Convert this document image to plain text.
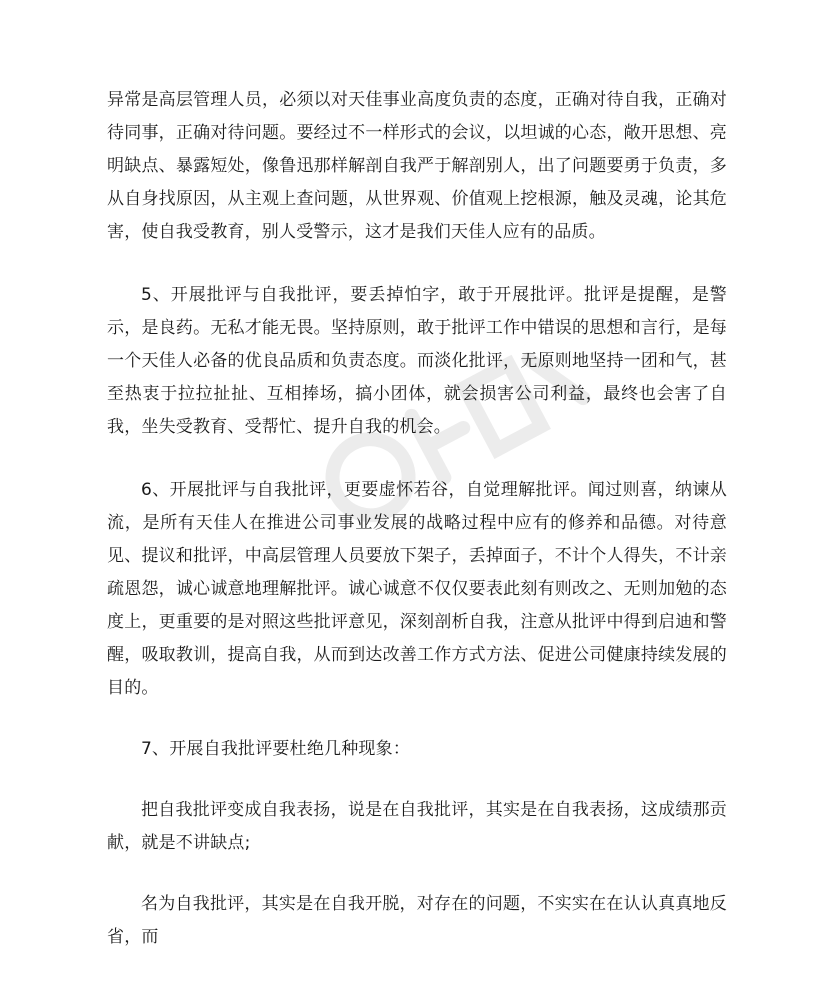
异常是高层管理人员，必须以对天佳事业高度负责的态度，正确对待自我，正确对待同事，正确对待问题。要经过不一样形式的会议，以坦诚的心态，敞开思想、亮明缺点、暴露短处，像鲁迅那样解剖自我严于解剖别人，出了问题要勇于负责，多从自身找原因，从主观上查问题，从世界观、价值观上挖根源，触及灵魂，论其危害，使自我受教育，别人受警示，这才是我们天佳人应有的品质。

5、开展批评与自我批评，要丢掉怕字，敢于开展批评。批评是提醒，是警示，是良药。无私才能无畏。坚持原则，敢于批评工作中错误的思想和言行，是每一个天佳人必备的优良品质和负责态度。而淡化批评，无原则地坚持一团和气，甚至热衷于拉拉扯扯、互相捧场，搞小团体，就会损害公司利益，最终也会害了自我，坐失受教育、受帮忙、提升自我的机会。

6、开展批评与自我批评，更要虚怀若谷，自觉理解批评。闻过则喜，纳谏从流，是所有天佳人在推进公司事业发展的战略过程中应有的修养和品德。对待意见、提议和批评，中高层管理人员要放下架子，丢掉面子，不计个人得失，不计亲疏恩怨，诚心诚意地理解批评。诚心诚意不仅仅要表此刻有则改之、无则加勉的态度上，更重要的是对照这些批评意见，深刻剖析自我，注意从批评中得到启迪和警醒，吸取教训，提高自我，从而到达改善工作方式方法、促进公司健康持续发展的目的。

7、开展自我批评要杜绝几种现象：

把自我批评变成自我表扬，说是在自我批评，其实是在自我表扬，这成绩那贡献，就是不讲缺点;

名为自我批评，其实是在自我开脱，对存在的问题，不实实在在认认真真地反省，而
